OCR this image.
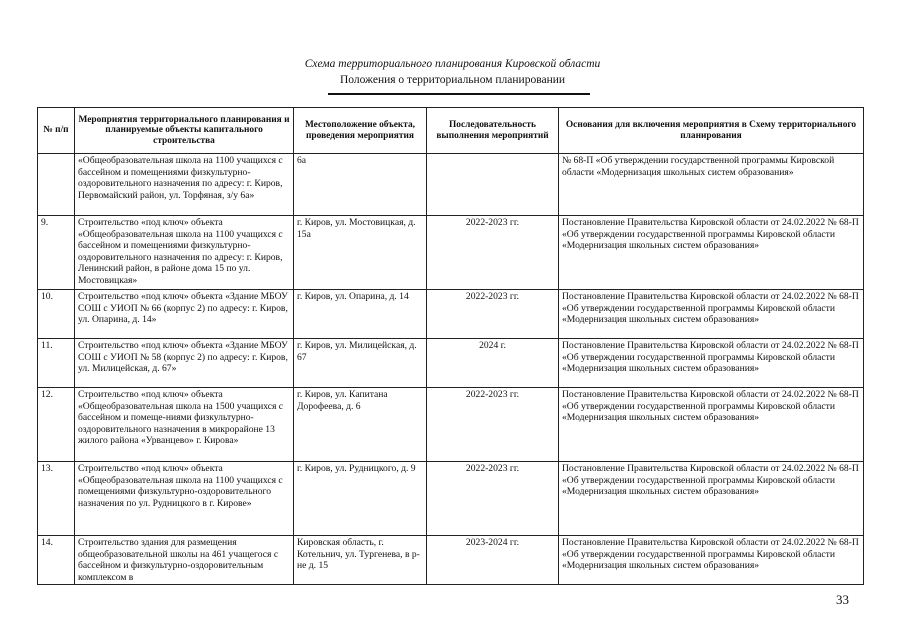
Схема территориального планирования Кировской области
Положения о территориальном планировании
№ п/п	Мероприятия территориального планирования и планируемые объекты капитального строительства	Местоположение объекта, проведения мероприятия	Последовательность выполнения мероприятий	Основания для включения мероприятия в Схему территориального планирования
	«Общеобразовательная школа на 1100 учащихся с бассейном и помещениями физкультурно-оздоровительного назначения по адресу: г. Киров, Первомайский район, ул. Торфяная, з/у 6а»	6а		№ 68-П «Об утверждении государственной программы Кировской области «Модернизация школьных систем образования»
9.	Строительство «под ключ» объекта «Общеобразовательная школа на 1100 учащихся с бассейном и помещениями физкультурно-оздоровительного назначения по адресу: г. Киров, Ленинский район, в районе дома 15 по ул. Мостовицкая»	г. Киров, ул. Мостовицкая, д. 15а	2022-2023 гг.	Постановление Правительства Кировской области от 24.02.2022 № 68-П «Об утверждении государственной программы Кировской области «Модернизация школьных систем образования»
10.	Строительство «под ключ» объекта «Здание МБОУ СОШ с УИОП № 66 (корпус 2) по адресу: г. Киров, ул. Опарина, д. 14»	г. Киров, ул. Опарина, д. 14	2022-2023 гг.	Постановление Правительства Кировской области от 24.02.2022 № 68-П «Об утверждении государственной программы Кировской области «Модернизация школьных систем образования»
11.	Строительство «под ключ» объекта «Здание МБОУ СОШ с УИОП № 58 (корпус 2) по адресу: г. Киров, ул. Милицейская, д. 67»	г. Киров, ул. Милицейская, д. 67	2024 г.	Постановление Правительства Кировской области от 24.02.2022 № 68-П «Об утверждении государственной программы Кировской области «Модернизация школьных систем образования»
12.	Строительство «под ключ» объекта «Общеобразовательная школа на 1500 учащихся с бассейном и помеще-ниями физкультурно-оздоровительного назначения в микрорайоне 13 жилого района «Урванцево» г. Кирова»	г. Киров, ул. Капитана Дорофеева, д. 6	2022-2023 гг.	Постановление Правительства Кировской области от 24.02.2022 № 68-П «Об утверждении государственной программы Кировской области «Модернизация школьных систем образования»
13.	Строительство «под ключ» объекта «Общеобразовательная школа на 1100 учащихся с помещениями физкультурно-оздоровительного назначения по ул. Рудницкого в г. Кирове»	г. Киров, ул. Рудницкого, д. 9	2022-2023 гг.	Постановление Правительства Кировской области от 24.02.2022 № 68-П «Об утверждении государственной программы Кировской области «Модернизация школьных систем образования»
14.	Строительство здания для размещения общеобразовательной школы на 461 учащегося с бассейном и физкультурно-оздоровительным комплексом в	Кировская область, г. Котельнич, ул. Тургенева, в р-не д. 15	2023-2024 гг.	Постановление Правительства Кировской области от 24.02.2022 № 68-П «Об утверждении государственной программы Кировской области «Модернизация школьных систем образования»
33
